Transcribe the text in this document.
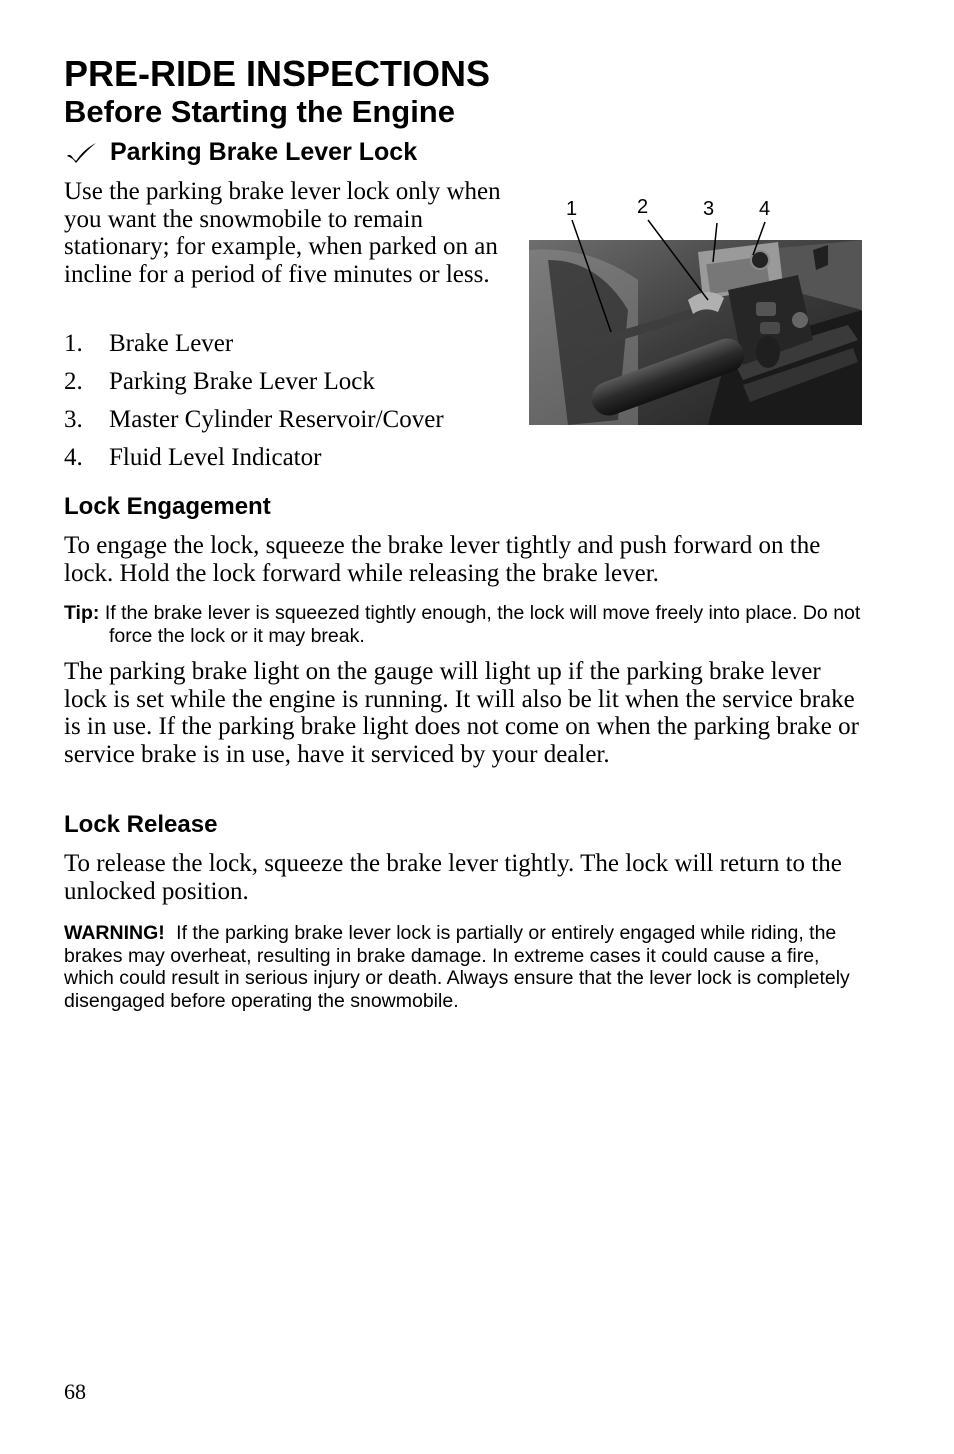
PRE-RIDE INSPECTIONS
Before Starting the Engine
Parking Brake Lever Lock

Use the parking brake lever lock only when you want the snowmobile to remain stationary; for example, when parked on an incline for a period of five minutes or less.

1.	Brake Lever
2.	Parking Brake Lever Lock
3.	Master Cylinder Reservoir/Cover
4.	Fluid Level Indicator
1	2	3 4
Lock Engagement

To engage the lock, squeeze the brake lever tightly and push forward on the lock. Hold the lock forward while releasing the brake lever.

Tip: If the brake lever is squeezed tightly enough, the lock will move freely into place. Do not force the lock or it may break.

The parking brake light on the gauge will light up if the parking brake lever lock is set while the engine is running. It will also be lit when the service brake is in use. If the parking brake light does not come on when the parking brake or service brake is in use, have it serviced by your dealer.

Lock Release

To release the lock, squeeze the brake lever tightly. The lock will return to the unlocked position.

WARNING! If the parking brake lever lock is partially or entirely engaged while riding, the brakes may overheat, resulting in brake damage. In extreme cases it could cause a fire, which could result in serious injury or death. Always ensure that the lever lock is completely disengaged before operating the snowmobile.

68
